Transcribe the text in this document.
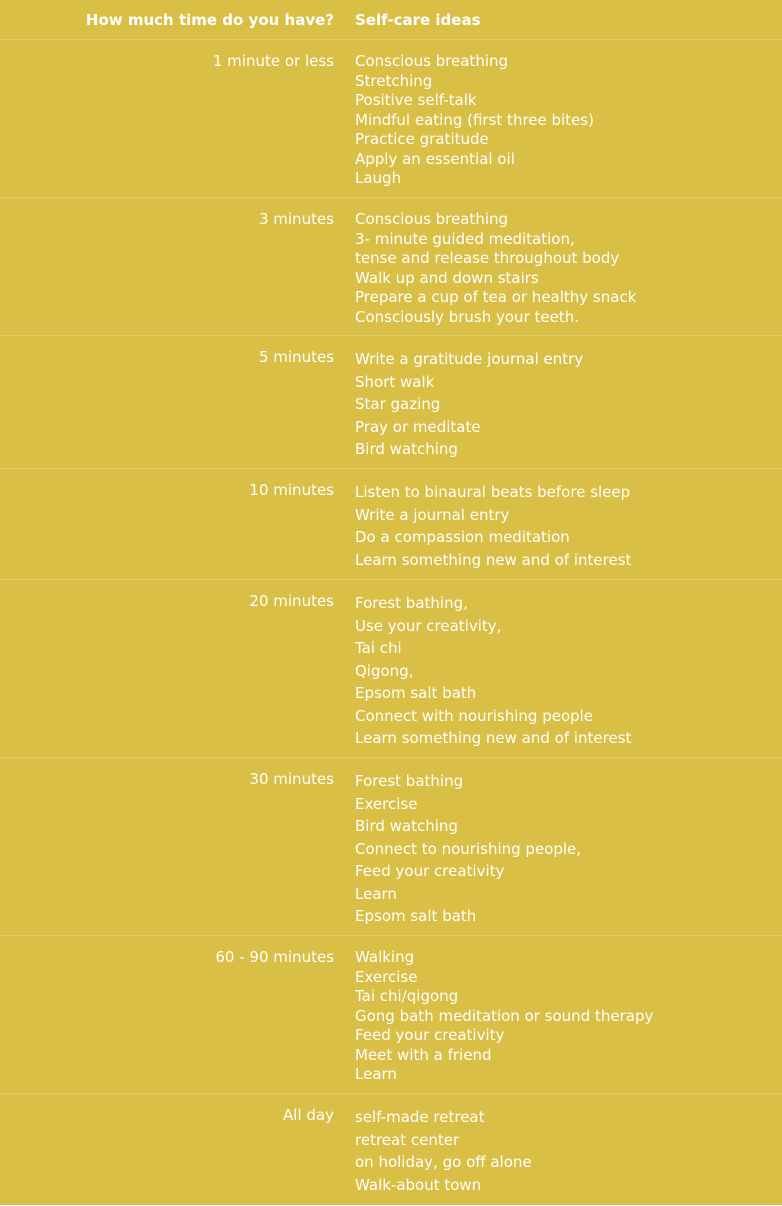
How much time do you have?	Self-care ideas
1 minute or less Conscious breathing
Stretching
Positive self-talk
Mindful eating (first three bites)
Practice gratitude
Apply an essential oil
Laugh
3 minutes Conscious breathing
3- minute guided meditation,
tense and release throughout body
Walk up and down stairs
Prepare a cup of tea or healthy snack
Consciously brush your teeth.
5 minutes Write a gratitude journal entry
Short walk
Star gazing
Pray or meditate
Bird watching
10 minutes Listen to binaural beats before sleep
Write a journal entry
Do a compassion meditation
Learn something new and of interest
20 minutes Forest bathing,
Use your creativity,
Tai chi
Qigong,
Epsom salt bath
Connect with nourishing people
Learn something new and of interest
30 minutes Forest bathing
Exercise
Bird watching
Connect to nourishing people,
Feed your creativity
Learn
Epsom salt bath
60 - 90 minutes Walking
Exercise
Tai chi/qigong
Gong bath meditation or sound therapy
Feed your creativity
Meet with a friend
Learn
All day self-made retreat
retreat center
on holiday, go off alone
Walk-about town
